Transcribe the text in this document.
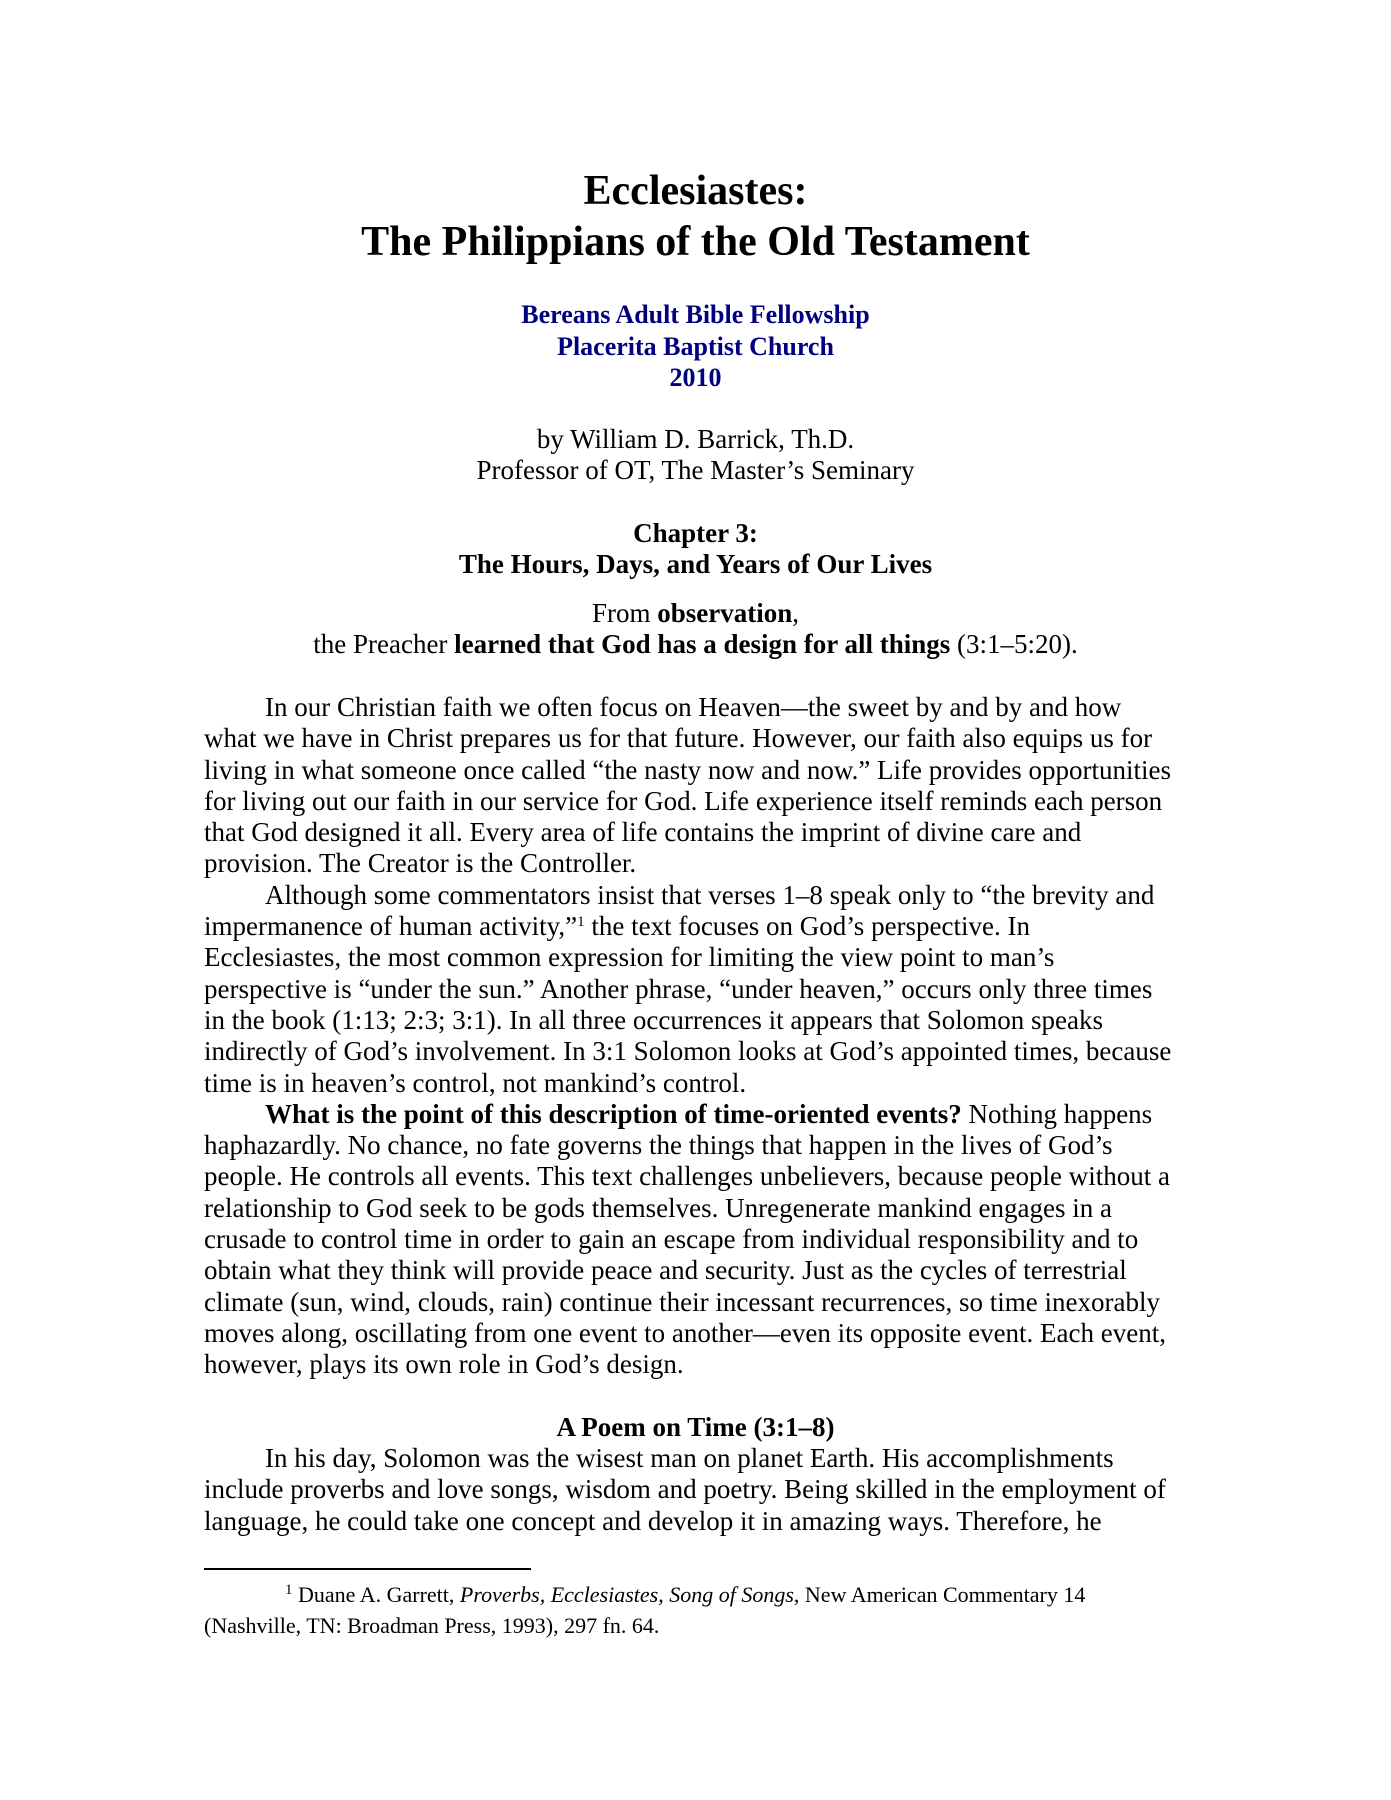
Ecclesiastes:
The Philippians of the Old Testament
Bereans Adult Bible Fellowship
Placerita Baptist Church
2010
by William D. Barrick, Th.D.
Professor of OT, The Master’s Seminary
Chapter 3:
The Hours, Days, and Years of Our Lives
From observation,
the Preacher learned that God has a design for all things (3:1–5:20).
In our Christian faith we often focus on Heaven—the sweet by and by and how
what we have in Christ prepares us for that future. However, our faith also equips us for
living in what someone once called “the nasty now and now.” Life provides opportunities
for living out our faith in our service for God. Life experience itself reminds each person
that God designed it all. Every area of life contains the imprint of divine care and
provision. The Creator is the Controller.
Although some commentators insist that verses 1–8 speak only to “the brevity and
impermanence of human activity,”$^1$ the text focuses on God’s perspective. In
Ecclesiastes, the most common expression for limiting the view point to man’s
perspective is “under the sun.” Another phrase, “under heaven,” occurs only three times
in the book (1:13; 2:3; 3:1). In all three occurrences it appears that Solomon speaks
indirectly of God’s involvement. In 3:1 Solomon looks at God’s appointed times, because
time is in heaven’s control, not mankind’s control.
What is the point of this description of time-oriented events? Nothing happens
haphazardly. No chance, no fate governs the things that happen in the lives of God’s
people. He controls all events. This text challenges unbelievers, because people without a
relationship to God seek to be gods themselves. Unregenerate mankind engages in a
crusade to control time in order to gain an escape from individual responsibility and to
obtain what they think will provide peace and security. Just as the cycles of terrestrial
climate (sun, wind, clouds, rain) continue their incessant recurrences, so time inexorably
moves along, oscillating from one event to another—even its opposite event. Each event,
however, plays its own role in God’s design.
A Poem on Time (3:1–8)
In his day, Solomon was the wisest man on planet Earth. His accomplishments
include proverbs and love songs, wisdom and poetry. Being skilled in the employment of
language, he could take one concept and develop it in amazing ways. Therefore, he
$^1$ Duane A. Garrett, Proverbs, Ecclesiastes, Song of Songs, New American Commentary 14
(Nashville, TN: Broadman Press, 1993), 297 fn. 64.
